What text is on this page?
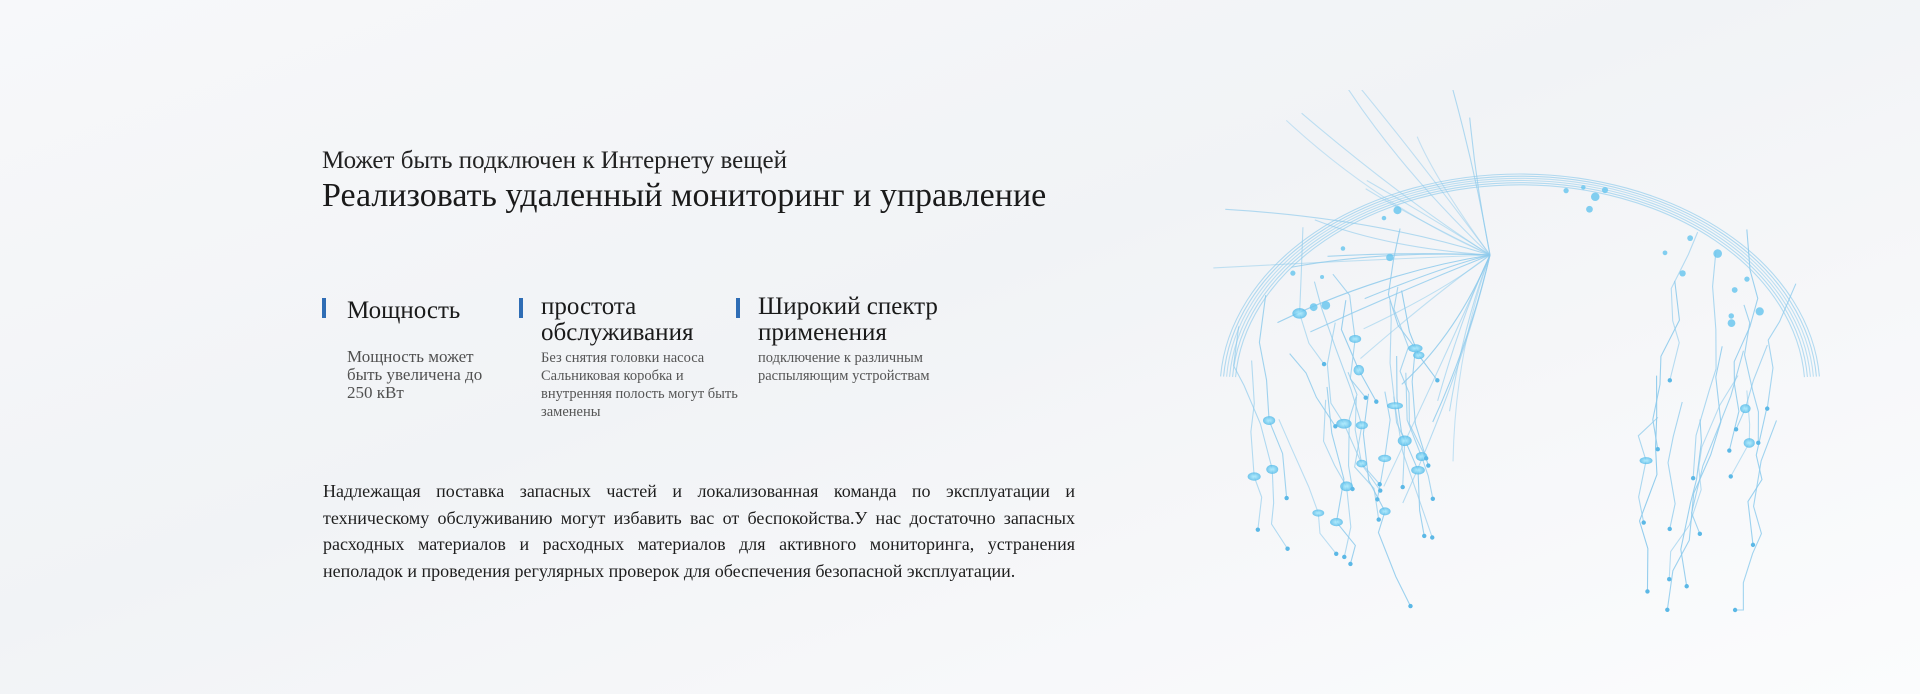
Может быть подключен к Интернету вещей
Реализовать удаленный мониторинг и управление
Мощность
Мощность может быть увеличена до 250 кВт
простота обслуживания
Без снятия головки насоса Сальниковая коробка и внутренняя полость могут быть заменены
Широкий спектр применения
подключение к различным распыляющим устройствам

Надлежащая поставка запасных частей и локализованная команда по эксплуатации и техническому обслуживанию могут избавить вас от беспокойства.У нас достаточно запасных расходных материалов и расходных материалов для активного мониторинга, устранения неполадок и проведения регулярных проверок для обеспечения безопасной эксплуатации.
